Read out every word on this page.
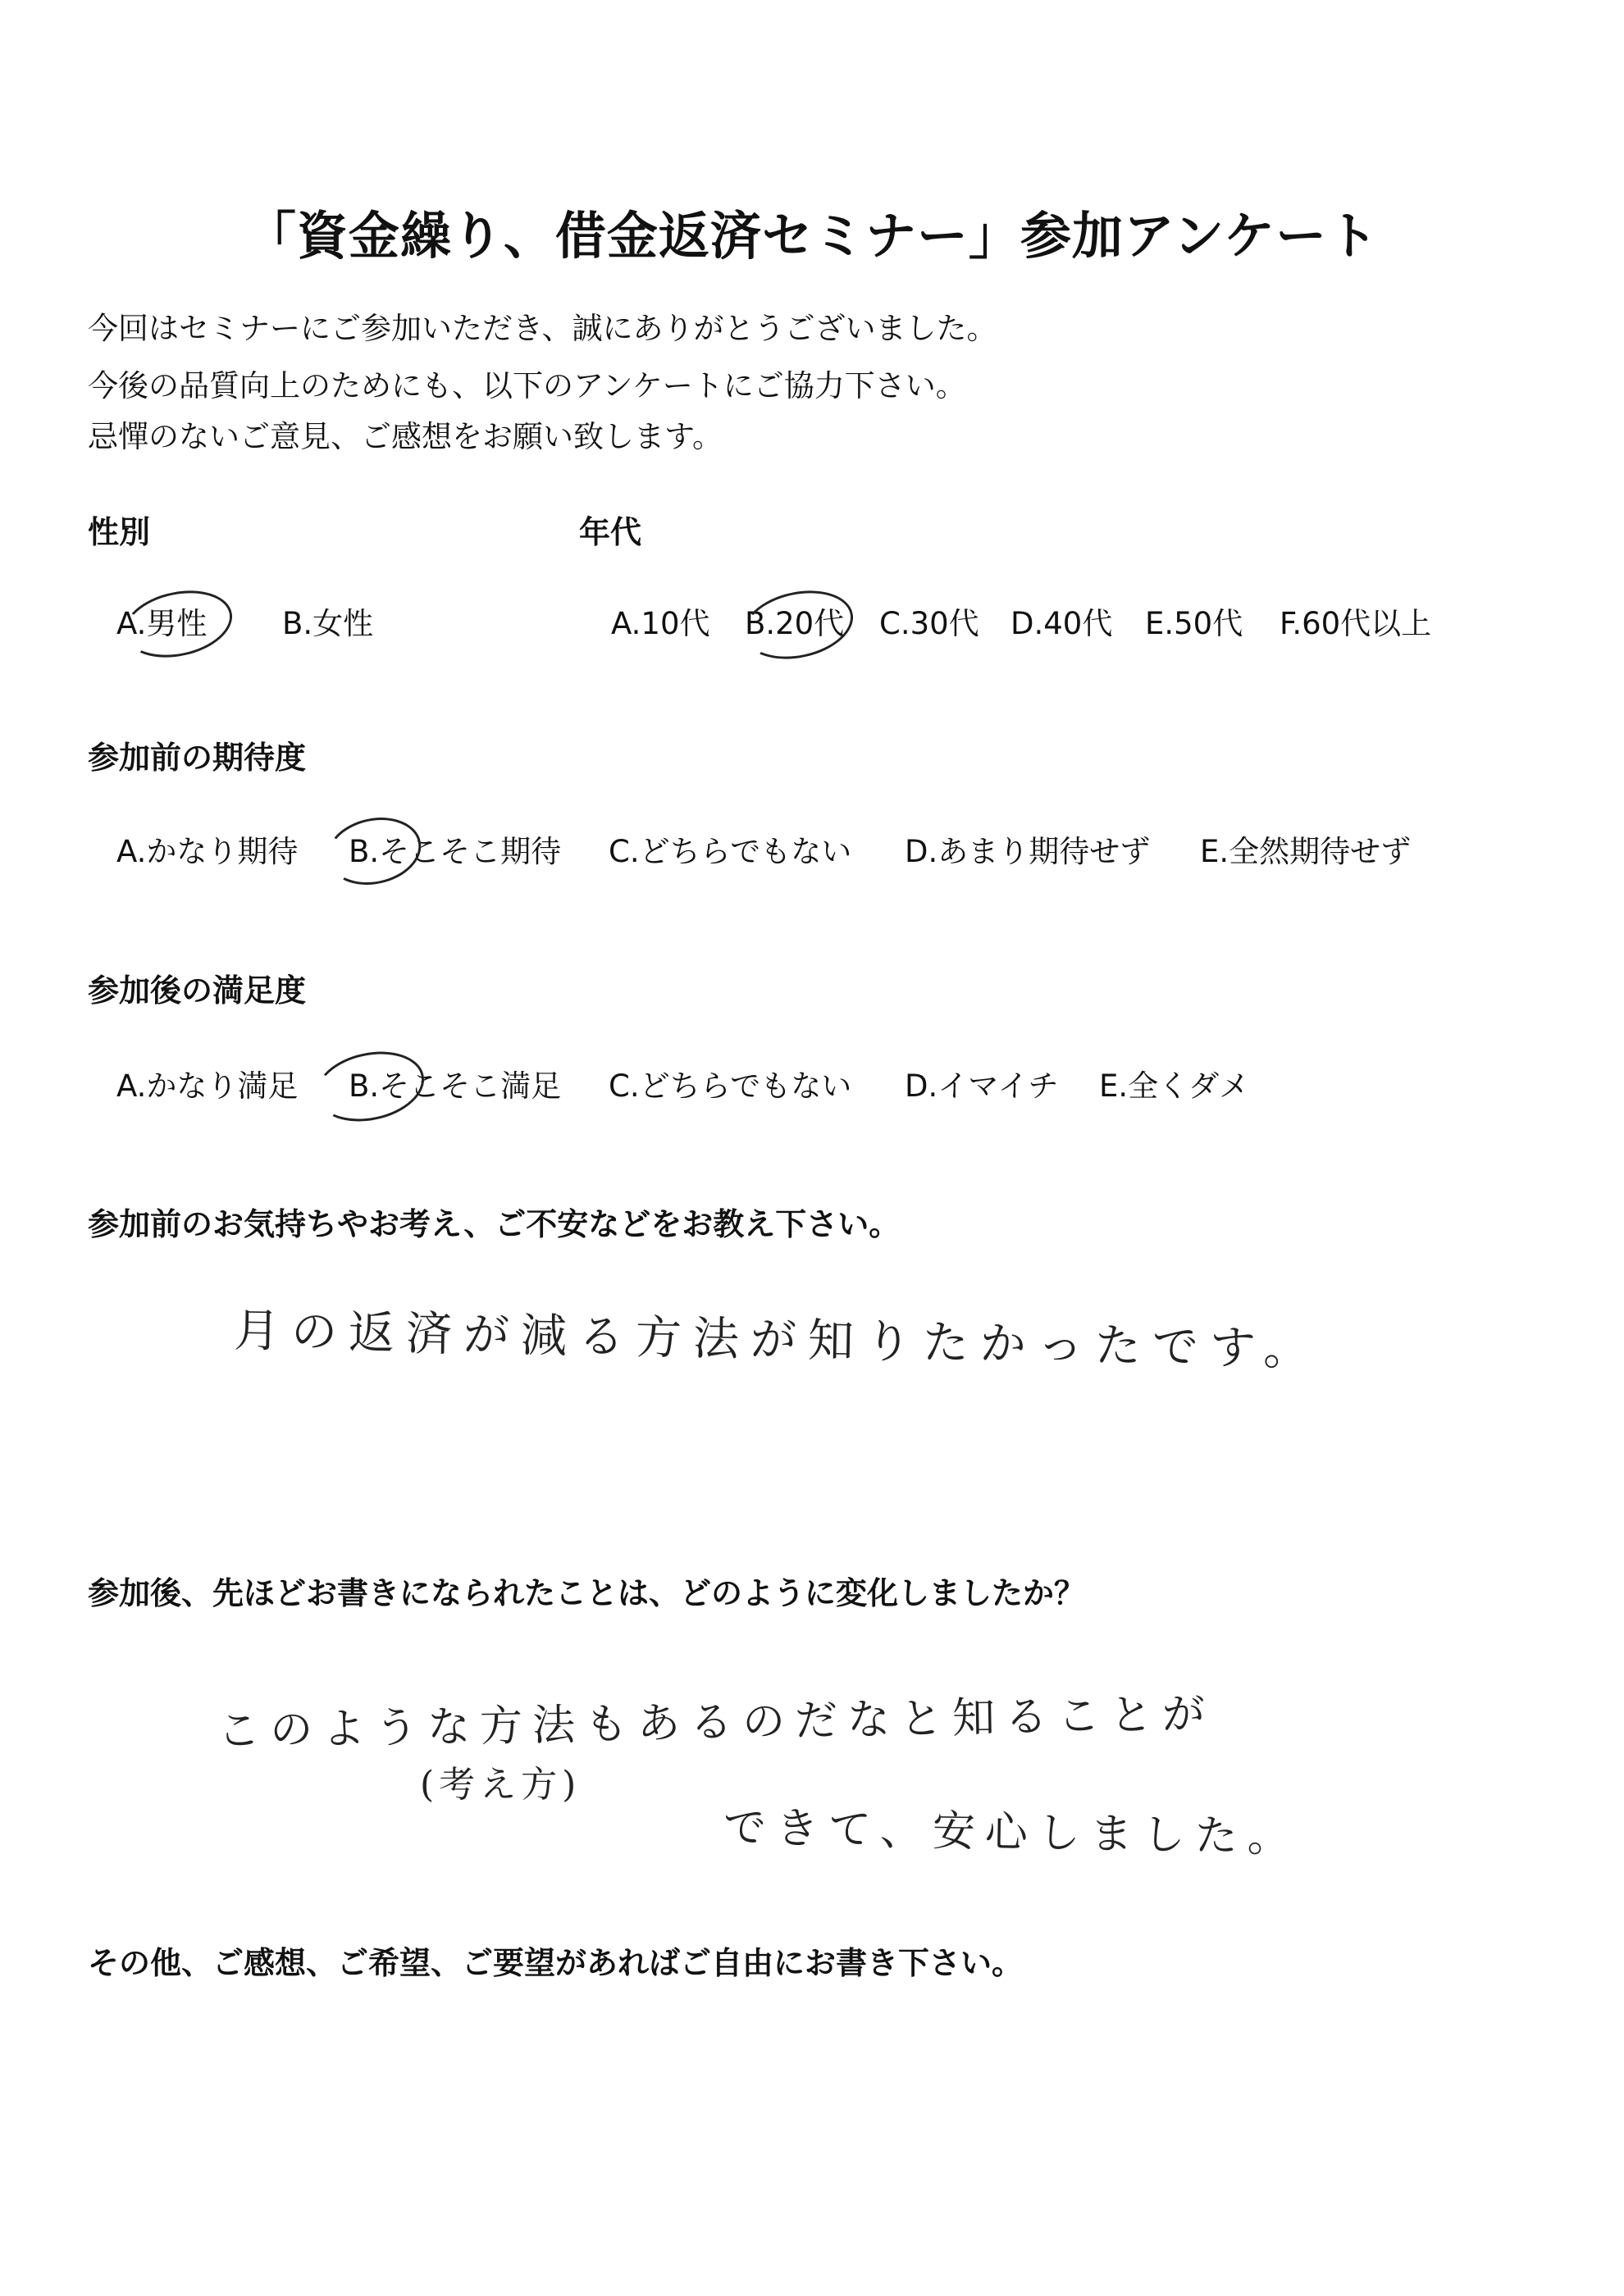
「資金繰り、借金返済セミナー」参加アンケート
今回はセミナーにご参加いただき、誠にありがとうございました。
今後の品質向上のためにも、以下のアンケートにご協力下さい。
忌憚のないご意見、ご感想をお願い致します。
性別
A.男性 B.女性
年代
A.10代 B.20代 C.30代 D.40代 E.50代 F.60代以上
参加前の期待度
A.かなり期待 B.そこそこ期待 C.どちらでもない D.あまり期待せず E.全然期待せず
参加後の満足度
A.かなり満足 B.そこそこ満足 C.どちらでもない D.イマイチ E.全くダメ
参加前のお気持ちやお考え、ご不安などをお教え下さい。
月の返済が減る方法が知りたかったです。
参加後、先ほどお書きになられたことは、どのように変化しましたか？
このような方法もあるのだなと知ることが
(考え方)
できて、安心しました。
その他、ご感想、ご希望、ご要望があればご自由にお書き下さい。
